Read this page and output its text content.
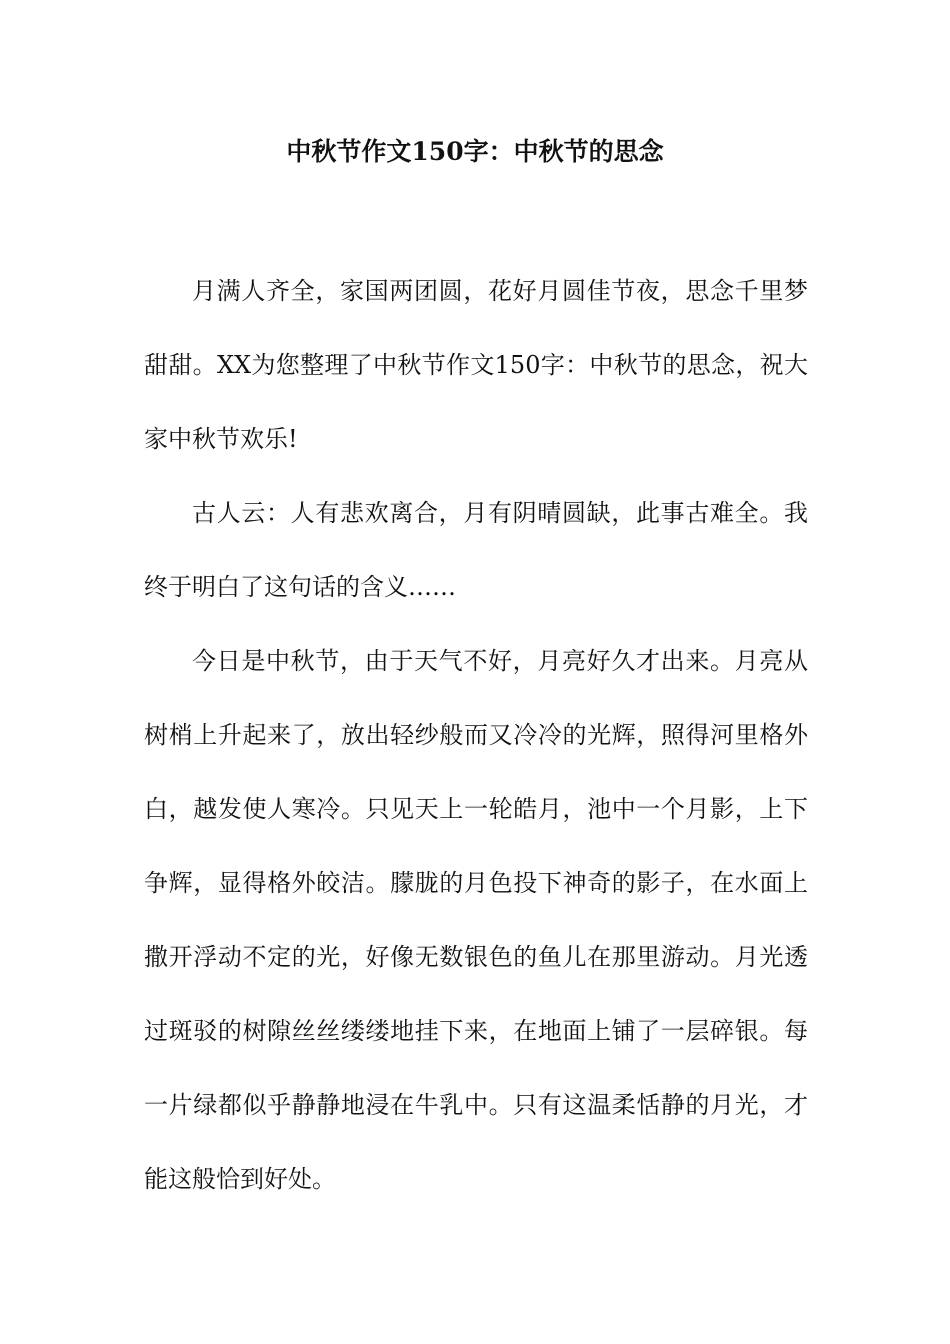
中秋节作文150字：中秋节的思念

月满人齐全，家国两团圆，花好月圆佳节夜，思念千里梦甜甜。XX为您整理了中秋节作文150字：中秋节的思念，祝大家中秋节欢乐!

古人云：人有悲欢离合，月有阴晴圆缺，此事古难全。我终于明白了这句话的含义……

今日是中秋节，由于天气不好，月亮好久才出来。月亮从树梢上升起来了，放出轻纱般而又冷冷的光辉，照得河里格外白，越发使人寒冷。只见天上一轮皓月，池中一个月影，上下争辉，显得格外皎洁。朦胧的月色投下神奇的影子，在水面上撒开浮动不定的光，好像无数银色的鱼儿在那里游动。月光透过斑驳的树隙丝丝缕缕地挂下来，在地面上铺了一层碎银。每一片绿都似乎静静地浸在牛乳中。只有这温柔恬静的月光，才能这般恰到好处。
